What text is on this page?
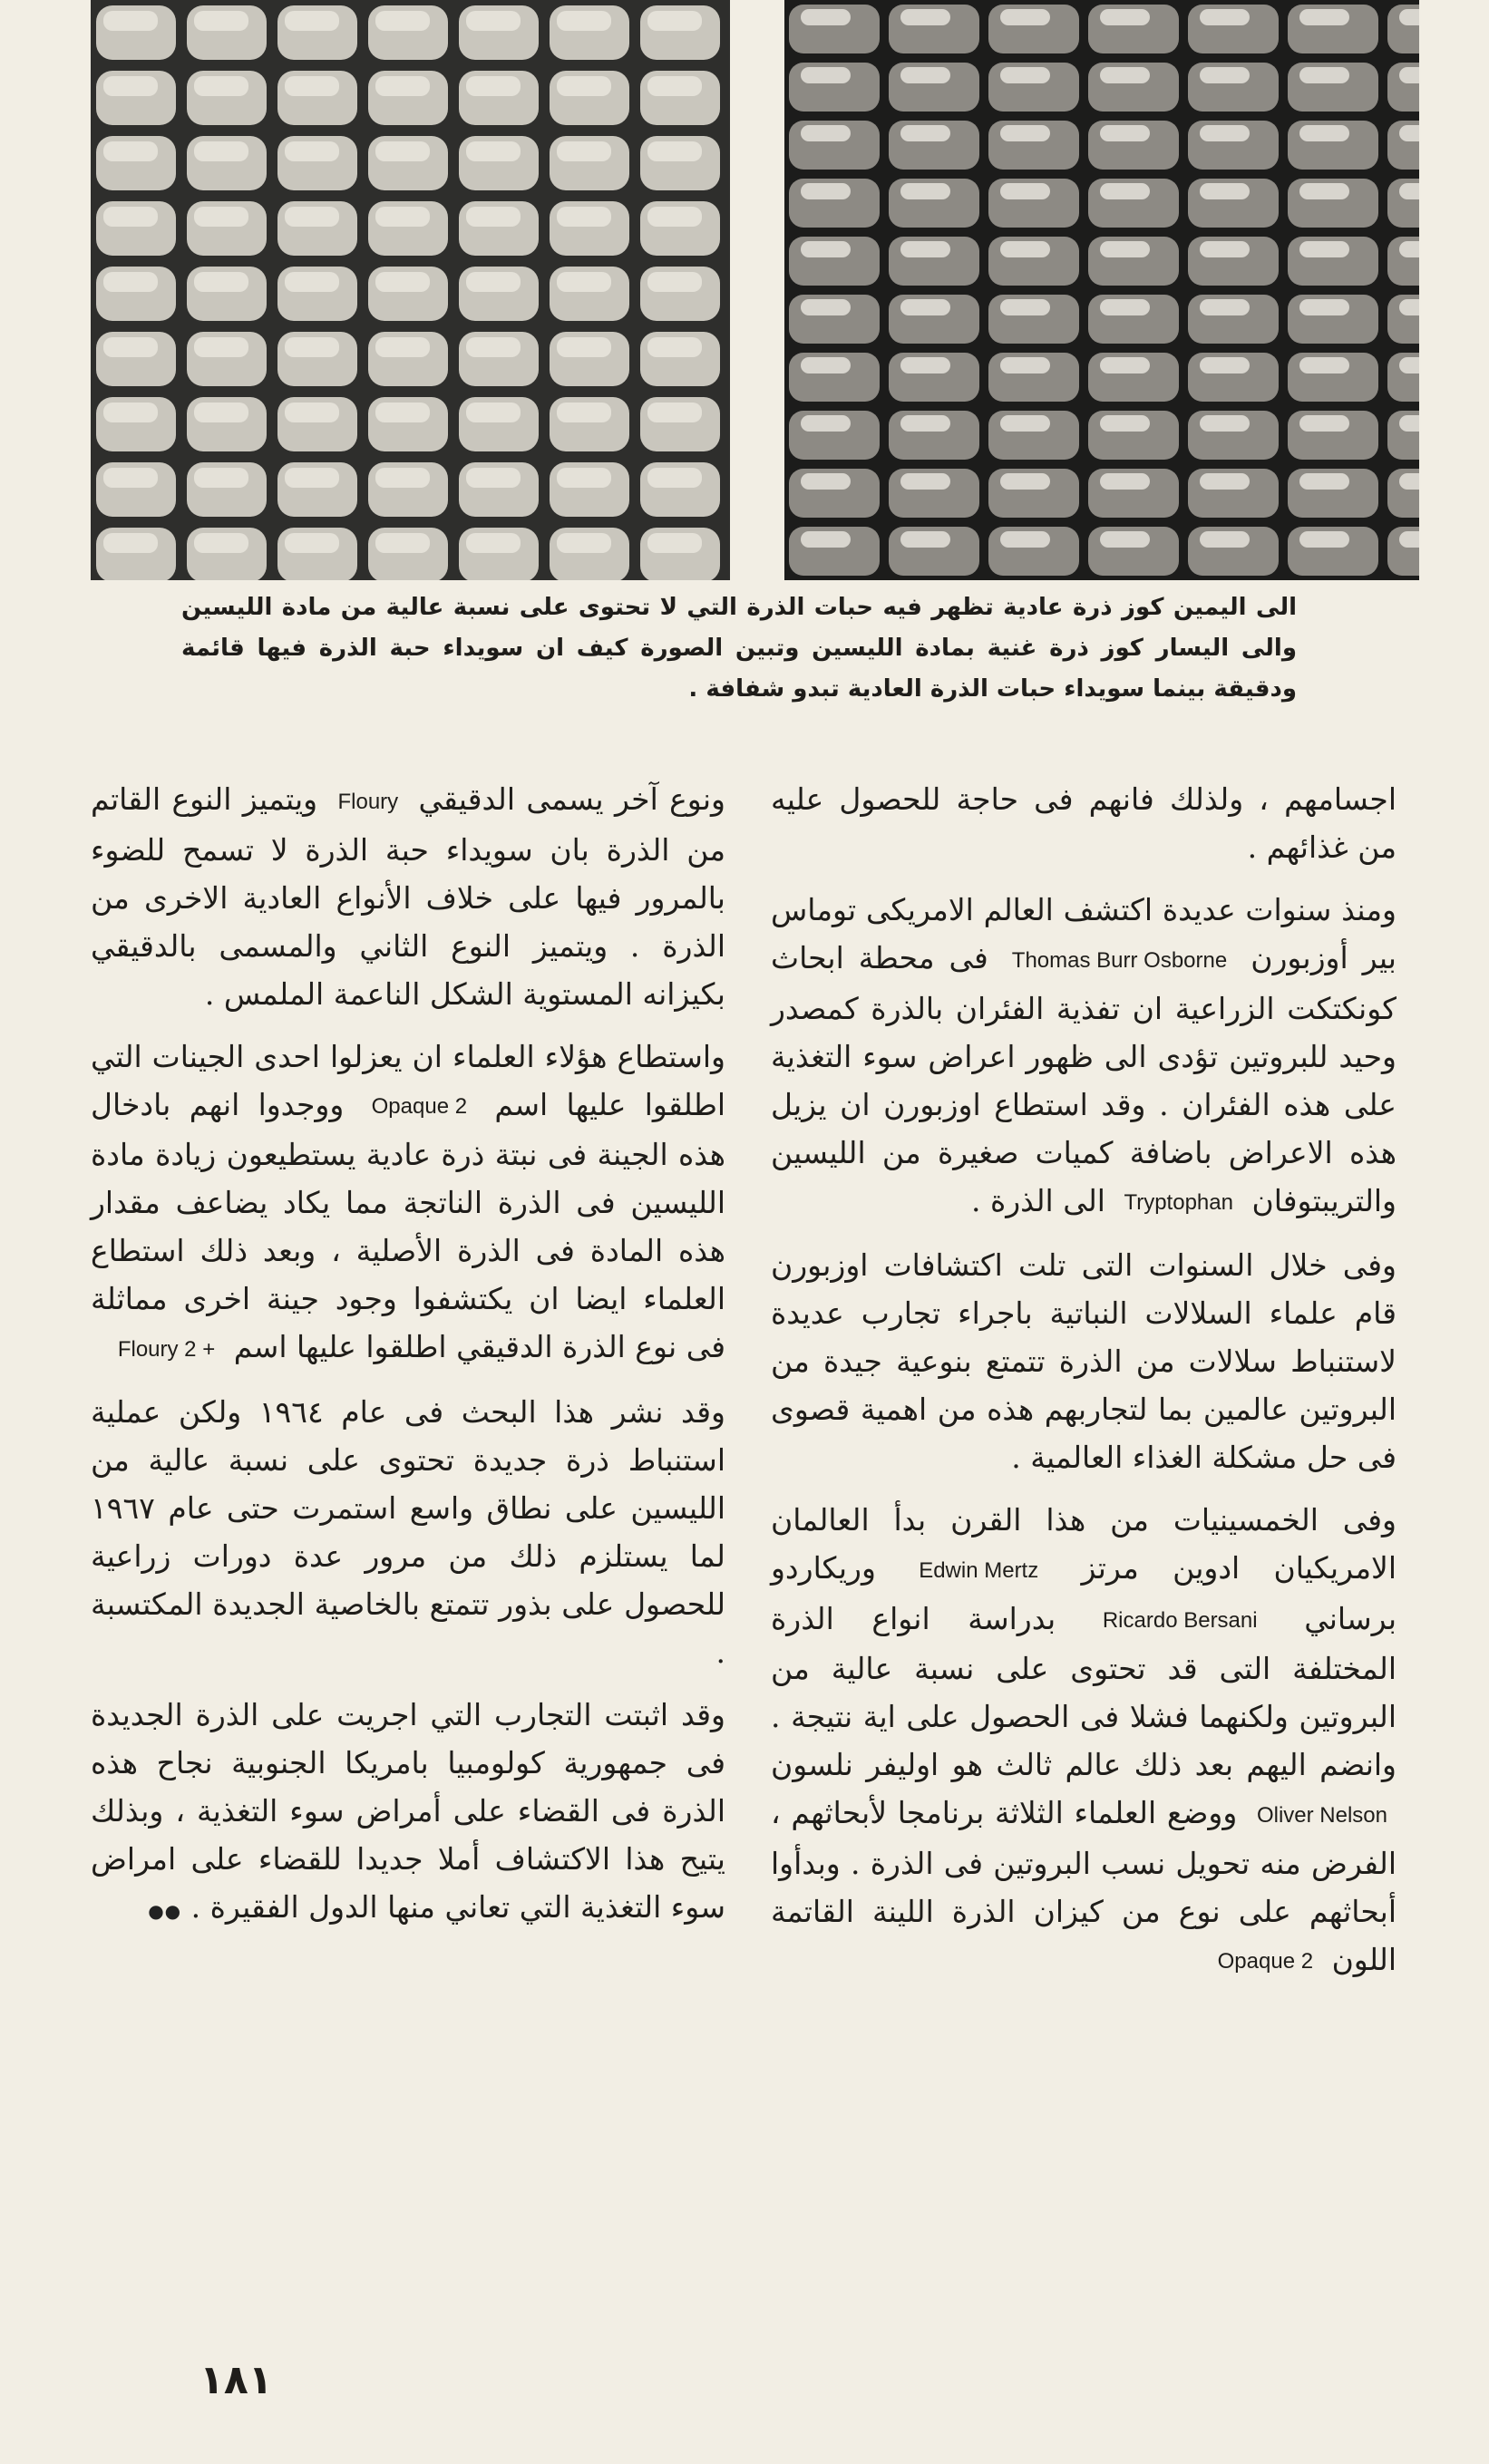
الى اليمين كوز ذرة عادية تظهر فيه حبات الذرة التي لا تحتوى على نسبة عالية من مادة الليسين والى اليسار كوز ذرة غنية بمادة الليسين وتبين الصورة كيف ان سويداء حبة الذرة فيها قائمة ودقيقة بينما سويداء حبات الذرة العادية تبدو شفافة .

اجسامهم ، ولذلك فانهم فى حاجة للحصول عليه من غذائهم .

ومنذ سنوات عديدة اكتشف العالم الامريكى توماس بير أوزبورن Thomas Burr Osborne فى محطة ابحاث كونكتكت الزراعية ان تفذية الفئران بالذرة كمصدر وحيد للبروتين تؤدى الى ظهور اعراض سوء التغذية على هذه الفئران . وقد استطاع اوزبورن ان يزيل هذه الاعراض باضافة كميات صغيرة من الليسين والتريبتوفان Tryptophan الى الذرة .

وفى خلال السنوات التى تلت اكتشافات اوزبورن قام علماء السلالات النباتية باجراء تجارب عديدة لاستنباط سلالات من الذرة تتمتع بنوعية جيدة من البروتين عالمين بما لتجاربهم هذه من اهمية قصوى فى حل مشكلة الغذاء العالمية .

وفى الخمسينيات من هذا القرن بدأ العالمان الامريكيان ادوين مرتز Edwin Mertz وريكاردو برساني Ricardo Bersani بدراسة انواع الذرة المختلفة التى قد تحتوى على نسبة عالية من البروتين ولكنهما فشلا فى الحصول على اية نتيجة . وانضم اليهم بعد ذلك عالم ثالث هو اوليفر نلسون Oliver Nelson ووضع العلماء الثلاثة برنامجا لأبحاثهم ، الفرض منه تحويل نسب البروتين فى الذرة . وبدأوا أبحاثهم على نوع من كيزان الذرة اللينة القاتمة اللون Opaque 2

ونوع آخر يسمى الدقيقي Floury ويتميز النوع القاتم من الذرة بان سويداء حبة الذرة لا تسمح للضوء بالمرور فيها على خلاف الأنواع العادية الاخرى من الذرة . ويتميز النوع الثاني والمسمى بالدقيقي بكيزانه المستوية الشكل الناعمة الملمس .

واستطاع هؤلاء العلماء ان يعزلوا احدى الجينات التي اطلقوا عليها اسم Opaque 2 ووجدوا انهم بادخال هذه الجينة فى نبتة ذرة عادية يستطيعون زيادة مادة الليسين فى الذرة الناتجة مما يكاد يضاعف مقدار هذه المادة فى الذرة الأصلية ، وبعد ذلك استطاع العلماء ايضا ان يكتشفوا وجود جينة اخرى مماثلة فى نوع الذرة الدقيقي اطلقوا عليها اسم Floury 2 +

وقد نشر هذا البحث فى عام ١٩٦٤ ولكن عملية استنباط ذرة جديدة تحتوى على نسبة عالية من الليسين على نطاق واسع استمرت حتى عام ١٩٦٧ لما يستلزم ذلك من مرور عدة دورات زراعية للحصول على بذور تتمتع بالخاصية الجديدة المكتسبة .

وقد اثبتت التجارب التي اجريت على الذرة الجديدة فى جمهورية كولومبيا بامريكا الجنوبية نجاح هذه الذرة فى القضاء على أمراض سوء التغذية ، وبذلك يتيح هذا الاكتشاف أملا جديدا للقضاء على امراض سوء التغذية التي تعاني منها الدول الفقيرة . ●●

١٨١
